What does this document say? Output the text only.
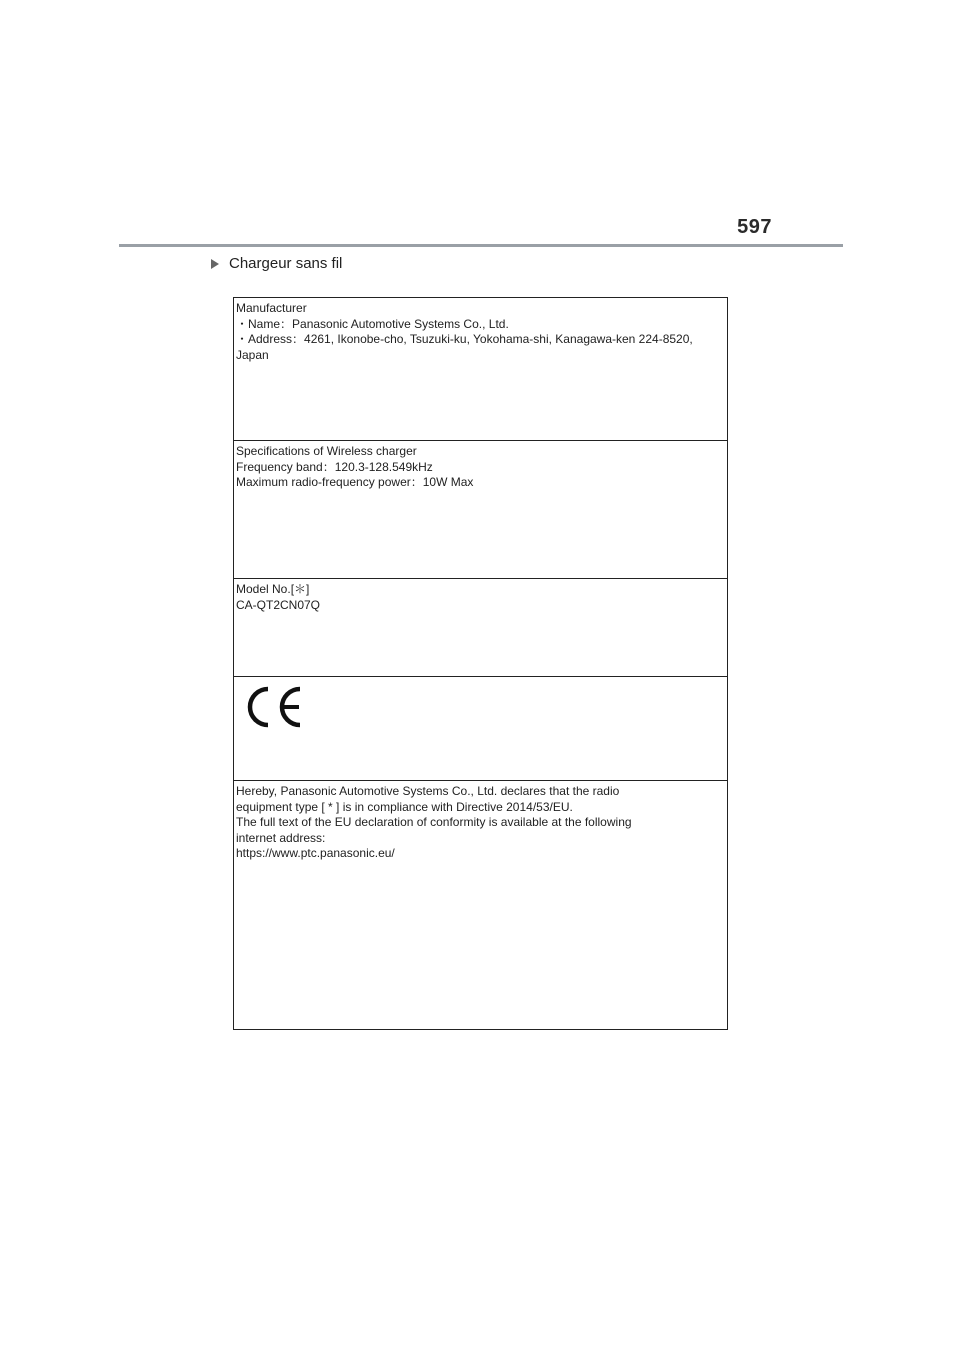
597
Chargeur sans fil
Manufacturer
・Name：Panasonic Automotive Systems Co., Ltd.
・Address：4261, Ikonobe-cho, Tsuzuki-ku, Yokohama-shi, Kanagawa-ken 224-8520,
Japan
Specifications of Wireless charger
Frequency band：120.3-128.549kHz
Maximum radio-frequency power：10W Max
Model No.[＊]
CA-QT2CN07Q
Hereby, Panasonic Automotive Systems Co., Ltd. declares that the radio
equipment type [ * ] is in compliance with Directive 2014/53/EU.
The full text of the EU declaration of conformity is available at the following
internet address:
https://www.ptc.panasonic.eu/
